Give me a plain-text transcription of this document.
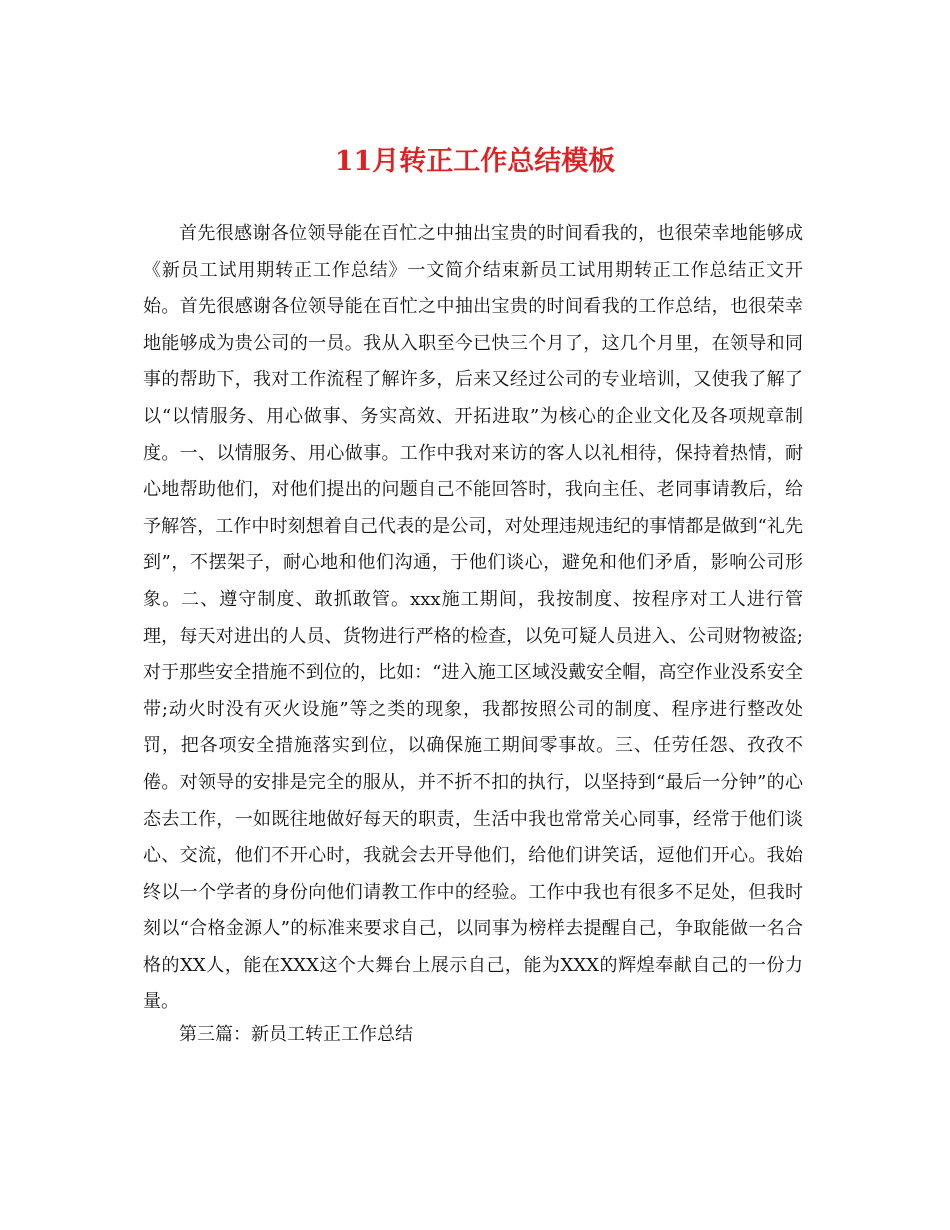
11月转正工作总结模板

首先很感谢各位领导能在百忙之中抽出宝贵的时间看我的，也很荣幸地能够成《新员工试用期转正工作总结》一文简介结束新员工试用期转正工作总结正文开始。首先很感谢各位领导能在百忙之中抽出宝贵的时间看我的工作总结，也很荣幸地能够成为贵公司的一员。我从入职至今已快三个月了，这几个月里，在领导和同事的帮助下，我对工作流程了解许多，后来又经过公司的专业培训，又使我了解了以“以情服务、用心做事、务实高效、开拓进取”为核心的企业文化及各项规章制度。一、以情服务、用心做事。工作中我对来访的客人以礼相待，保持着热情，耐心地帮助他们，对他们提出的问题自己不能回答时，我向主任、老同事请教后，给予解答，工作中时刻想着自己代表的是公司，对处理违规违纪的事情都是做到“礼先到”，不摆架子，耐心地和他们沟通，于他们谈心，避免和他们矛盾，影响公司形象。二、遵守制度、敢抓敢管。xxx施工期间，我按制度、按程序对工人进行管理，每天对进出的人员、货物进行严格的检查，以免可疑人员进入、公司财物被盗;对于那些安全措施不到位的，比如：“进入施工区域没戴安全帽，高空作业没系安全带;动火时没有灭火设施”等之类的现象，我都按照公司的制度、程序进行整改处罚，把各项安全措施落实到位，以确保施工期间零事故。三、任劳任怨、孜孜不倦。对领导的安排是完全的服从，并不折不扣的执行，以坚持到“最后一分钟”的心态去工作，一如既往地做好每天的职责，生活中我也常常关心同事，经常于他们谈心、交流，他们不开心时，我就会去开导他们，给他们讲笑话，逗他们开心。我始终以一个学者的身份向他们请教工作中的经验。工作中我也有很多不足处，但我时刻以“合格金源人”的标准来要求自己，以同事为榜样去提醒自己，争取能做一名合格的XX人，能在XXX这个大舞台上展示自己，能为XXX的辉煌奉献自己的一份力量。

第三篇：新员工转正工作总结
